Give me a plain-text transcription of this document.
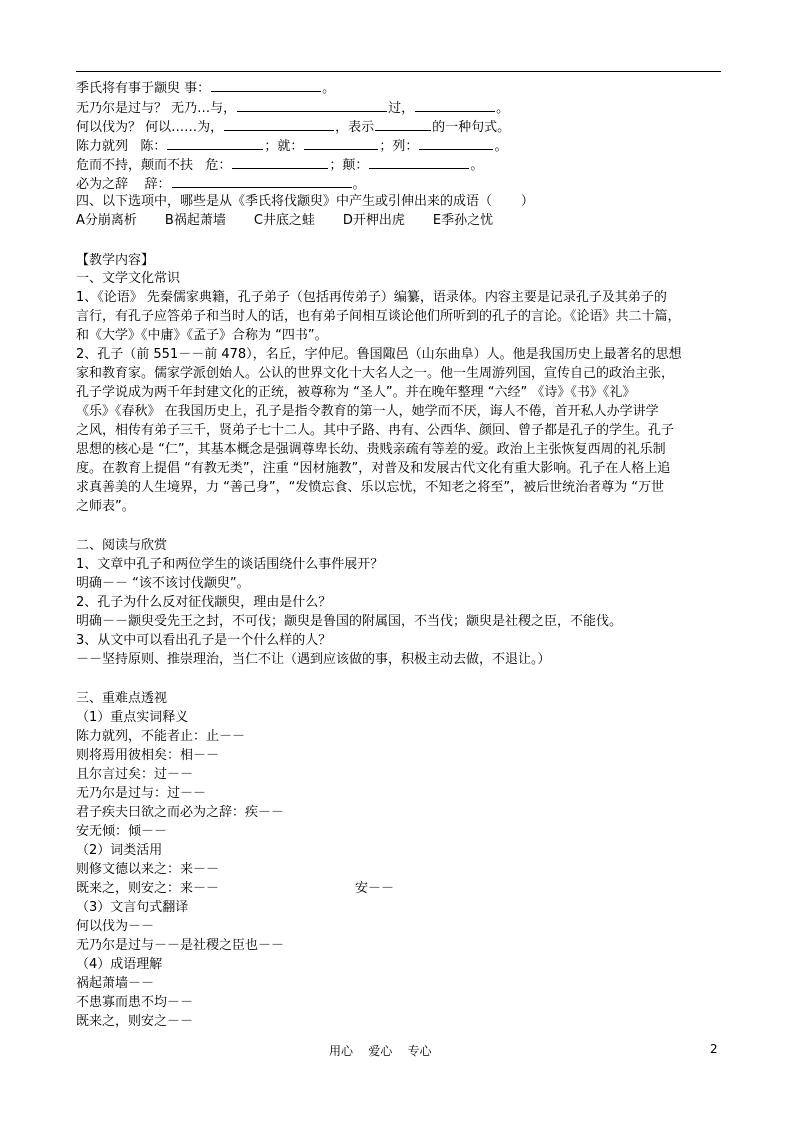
季氏将有事于颛臾 事：	。
无乃尔是过与？ 无乃…与，	过，	。
何以伐为？ 何以……为，	，表示	的一种句式。
陈力就列   陈：	；就：	；列：	。
危而不持，颠而不扶   危：	；颠：	。
必为之辞    辞：	。
四、以下选项中，哪些是从《季氏将伐颛臾》中产生或引伸出来的成语（       ）
A分崩离析 B祸起萧墙 C井底之蛙 D开柙出虎 E季孙之忧
【教学内容】
一、文学文化常识
1、《论语》 先秦儒家典籍，孔子弟子（包括再传弟子）编纂，语录体。内容主要是记录孔子及其弟子的
言行，有孔子应答弟子和当时人的话，也有弟子间相互谈论他们所听到的孔子的言论。《论语》共二十篇，
和《大学》《中庸》《孟子》合称为 “四书”。
2、孔子（前 551－－前 478），名丘，字仲尼。鲁国陬邑（山东曲阜）人。他是我国历史上最著名的思想
家和教育家。儒家学派创始人。公认的世界文化十大名人之一。他一生周游列国，宣传自己的政治主张，
孔子学说成为两千年封建文化的正统，被尊称为 “圣人”。并在晚年整理 “六经” 《诗》《书》《礼》
《乐》《春秋》 在我国历史上，孔子是指令教育的第一人，她学而不厌，诲人不倦，首开私人办学讲学
之风，相传有弟子三千，贤弟子七十二人。其中子路、冉有、公西华、颜回、曾子都是孔子的学生。孔子
思想的核心是 “仁”，其基本概念是强调尊卑长幼、贵贱亲疏有等差的爱。政治上主张恢复西周的礼乐制
度。在教育上提倡 “有教无类”，注重 “因材施教”，对普及和发展古代文化有重大影响。孔子在人格上追
求真善美的人生境界，力 “善己身”，“发愤忘食、乐以忘忧，不知老之将至”，被后世统治者尊为 “万世
之师表”。
二、阅读与欣赏
1、文章中孔子和两位学生的谈话围绕什么事件展开？
明确－－ “该不该讨伐颛臾”。
2、孔子为什么反对征伐颛臾，理由是什么？
明确－－颛臾受先王之封，不可伐；颛臾是鲁国的附属国，不当伐；颛臾是社稷之臣，不能伐。
3、从文中可以看出孔子是一个什么样的人？
－－坚持原则、推崇理治，当仁不让（遇到应该做的事，积极主动去做，不退让。）
三、重难点透视
（1）重点实词释义
陈力就列，不能者止：止－－
则将焉用彼相矣：相－－
且尔言过矣：过－－
无乃尔是过与：过－－
君子疾夫曰欲之而必为之辞：疾－－
安无倾：倾－－
（2）词类活用
则修文德以来之：来－－
既来之，则安之：来－－	安－－
（3）文言句式翻译
何以伐为－－
无乃尔是过与－－是社稷之臣也－－
（4）成语理解
祸起萧墙－－
不患寡而患不均－－
既来之，则安之－－
用心    爱心    专心	2
